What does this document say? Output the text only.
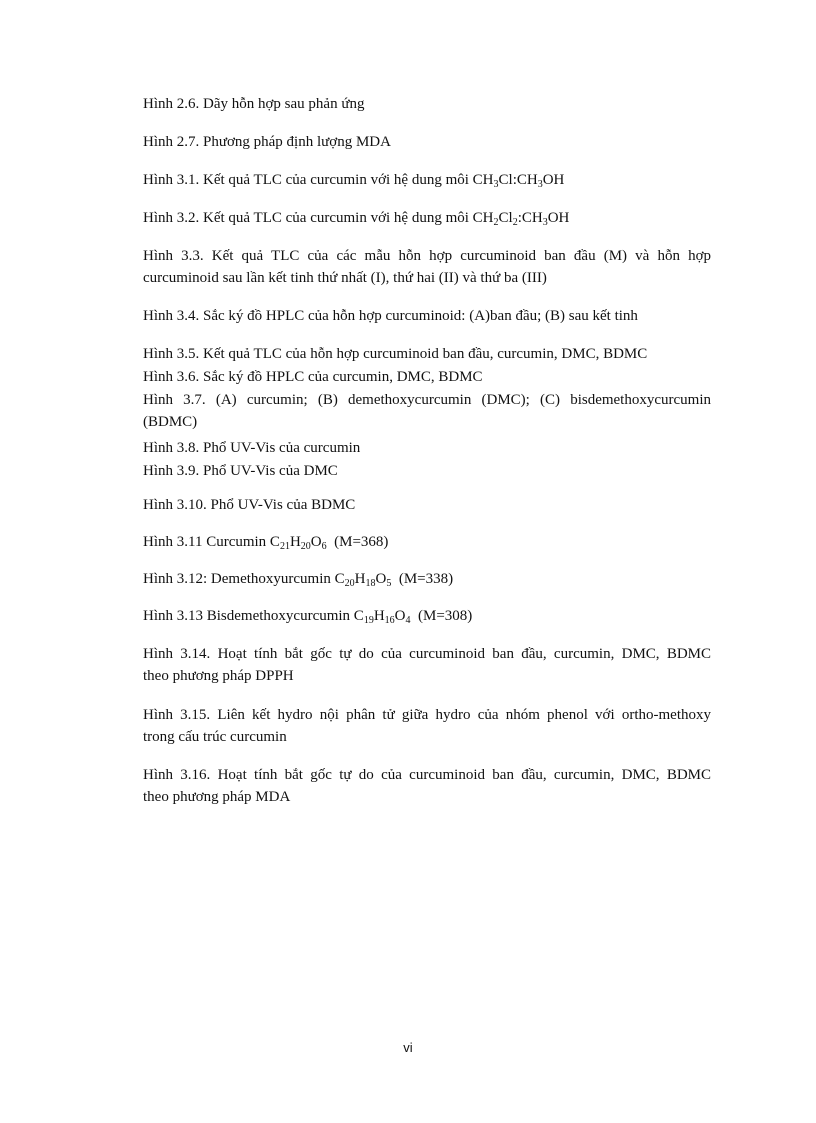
Hình 2.6. Dãy hỗn hợp sau phản ứng

Hình 2.7. Phương pháp định lượng MDA

Hình 3.1. Kết quả TLC của curcumin với hệ dung môi $CH_3Cl:CH_3OH$

Hình 3.2. Kết quả TLC của curcumin với hệ dung môi $CH_2Cl_2:CH_3OH$

Hình 3.3. Kết quả TLC của các mẫu hỗn hợp curcuminoid ban đầu (M) và hỗn hợp
curcuminoid sau lần kết tinh thứ nhất (I), thứ hai (II) và thứ ba (III)

Hình 3.4. Sắc ký đồ HPLC của hỗn hợp curcuminoid: (A)ban đầu; (B) sau kết tinh

Hình 3.5. Kết quả TLC của hỗn hợp curcuminoid ban đầu, curcumin, DMC, BDMC

Hình 3.6. Sắc ký đồ HPLC của curcumin, DMC, BDMC

Hình 3.7. (A) curcumin; (B) demethoxycurcumin (DMC); (C) bisdemethoxycurcumin
(BDMC)

Hình 3.8. Phổ UV-Vis của curcumin

Hình 3.9. Phổ UV-Vis của DMC

Hình 3.10. Phổ UV-Vis của BDMC

Hình 3.11 Curcumin $C_{21}H_{20}O_6$  (M=368)

Hình 3.12: Demethoxyurcumin $C_{20}H_{18}O_5$  (M=338)

Hình 3.13 Bisdemethoxycurcumin $C_{19}H_{16}O_4$  (M=308)

Hình 3.14. Hoạt tính bắt gốc tự do của curcuminoid ban đầu, curcumin, DMC, BDMC
theo phương pháp DPPH
Hình 3.15. Liên kết hydro nội phân tử giữa hydro của nhóm phenol với ortho-methoxy
trong cấu trúc curcumin
Hình 3.16. Hoạt tính bắt gốc tự do của curcuminoid ban đầu, curcumin, DMC, BDMC
theo phương pháp MDA
vi
